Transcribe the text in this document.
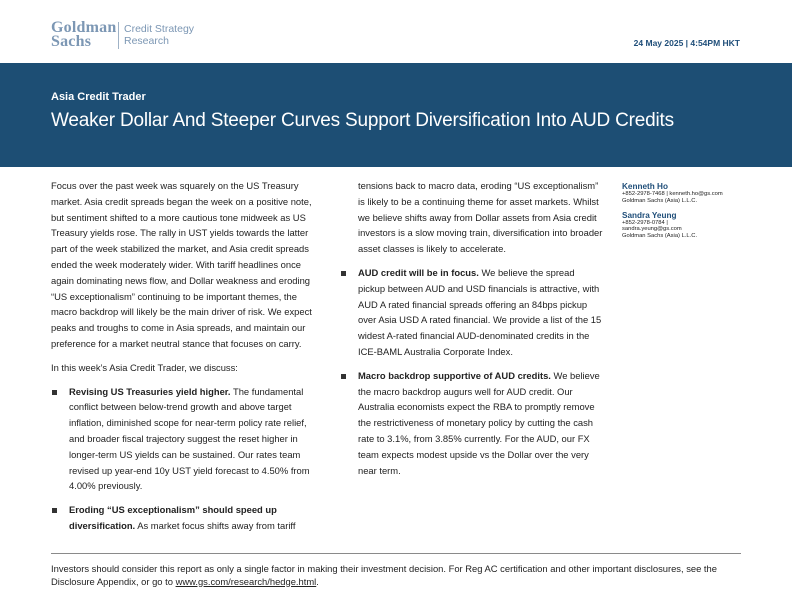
Goldman
Sachs
Credit Strategy
Research	24 May 2025 | 4:54PM HKT
Asia Credit Trader
Weaker Dollar And Steeper Curves Support Diversification Into AUD Credits

Focus over the past week was squarely on the US Treasury market. Asia credit spreads began the week on a positive note, but sentiment shifted to a more cautious tone midweek as US Treasury yields rose. The rally in UST yields towards the latter part of the week stabilized the market, and Asia credit spreads ended the week moderately wider. With tariff headlines once again dominating news flow, and Dollar weakness and eroding “US exceptionalism” continuing to be important themes, the macro backdrop will likely be the main driver of risk. We expect peaks and troughs to come in Asia spreads, and maintain our preference for a market neutral stance that focuses on carry.

In this week’s Asia Credit Trader, we discuss:

Revising US Treasuries yield higher. The fundamental conflict between below-trend growth and above target inflation, diminished scope for near-term policy rate relief, and broader fiscal trajectory suggest the reset higher in longer-term US yields can be sustained. Our rates team revised up year-end 10y UST yield forecast to 4.50% from 4.00% previously.
Eroding “US exceptionalism” should speed up diversification. As market focus shifts away from tariff

tensions back to macro data, eroding “US exceptionalism” is likely to be a continuing theme for asset markets. Whilst we believe shifts away from Dollar assets from Asia credit investors is a slow moving train, diversification into broader asset classes is likely to accelerate.

AUD credit will be in focus. We believe the spread pickup between AUD and USD financials is attractive, with AUD A rated financial spreads offering an 84bps pickup over Asia USD A rated financial. We provide a list of the 15 widest A-rated financial AUD-denominated credits in the ICE-BAML Australia Corporate Index.
Macro backdrop supportive of AUD credits. We believe the macro backdrop augurs well for AUD credit. Our Australia economists expect the RBA to promptly remove the restrictiveness of monetary policy by cutting the cash rate to 3.1%, from 3.85% currently. For the AUD, our FX team expects modest upside vs the Dollar over the very near term.
Kenneth Ho
+852-2978-7468 | kenneth.ho@gs.com
Goldman Sachs (Asia) L.L.C.
Sandra Yeung
+852-2978-0784 |
sandra.yeung@gs.com
Goldman Sachs (Asia) L.L.C.
Investors should consider this report as only a single factor in making their investment decision. For Reg AC certification and other important disclosures, see the Disclosure Appendix, or go to www.gs.com/research/hedge.html.
